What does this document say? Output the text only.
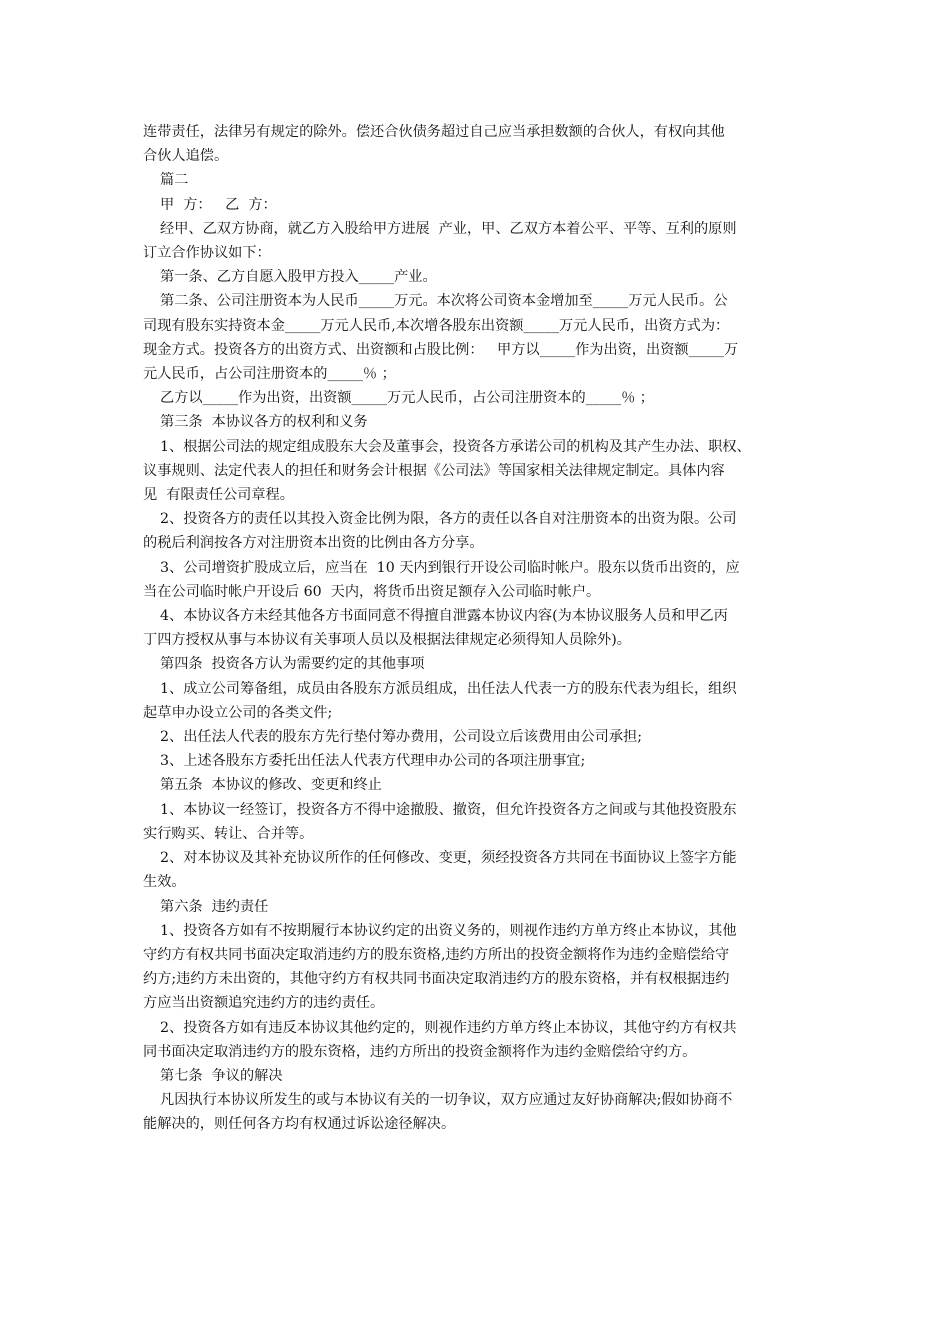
连带责任，法律另有规定的除外。偿还合伙债务超过自己应当承担数额的合伙人，有权向其他
合伙人追偿。
篇二
甲  方：   乙  方：
经甲、乙双方协商，就乙方入股给甲方进展  产业，甲、乙双方本着公平、平等、互利的原则
订立合作协议如下：
第一条、乙方自愿入股甲方投入_____产业。
第二条、公司注册资本为人民币_____万元。本次将公司资本金增加至_____万元人民币。公
司现有股东实持资本金_____万元人民币,本次增各股东出资额_____万元人民币，出资方式为：
现金方式。投资各方的出资方式、出资额和占股比例：   甲方以_____作为出资，出资额_____万
元人民币，占公司注册资本的_____％ ；
乙方以_____作为出资，出资额_____万元人民币，占公司注册资本的_____％ ；
第三条  本协议各方的权利和义务
1、根据公司法的规定组成股东大会及董事会，投资各方承诺公司的机构及其产生办法、职权、
议事规则、法定代表人的担任和财务会计根据《公司法》等国家相关法律规定制定。具体内容
见  有限责任公司章程。
2、投资各方的责任以其投入资金比例为限，各方的责任以各自对注册资本的出资为限。公司
的税后利润按各方对注册资本出资的比例由各方分享。
3、公司增资扩股成立后，应当在  10 天内到银行开设公司临时帐户。股东以货币出资的，应
当在公司临时帐户开设后 60  天内，将货币出资足额存入公司临时帐户。
4、本协议各方未经其他各方书面同意不得擅自泄露本协议内容(为本协议服务人员和甲乙丙
丁四方授权从事与本协议有关事项人员以及根据法律规定必须得知人员除外)。
第四条  投资各方认为需要约定的其他事项
1、成立公司筹备组，成员由各股东方派员组成，出任法人代表一方的股东代表为组长，组织
起草申办设立公司的各类文件;
2、出任法人代表的股东方先行垫付筹办费用，公司设立后该费用由公司承担;
3、上述各股东方委托出任法人代表方代理申办公司的各项注册事宜;
第五条  本协议的修改、变更和终止
1、本协议一经签订，投资各方不得中途撤股、撤资，但允许投资各方之间或与其他投资股东
实行购买、转让、合并等。
2、对本协议及其补充协议所作的任何修改、变更，须经投资各方共同在书面协议上签字方能
生效。
第六条  违约责任
1、投资各方如有不按期履行本协议约定的出资义务的，则视作违约方单方终止本协议，其他
守约方有权共同书面决定取消违约方的股东资格,违约方所出的投资金额将作为违约金赔偿给守
约方;违约方未出资的，其他守约方有权共同书面决定取消违约方的股东资格，并有权根据违约
方应当出资额追究违约方的违约责任。
2、投资各方如有违反本协议其他约定的，则视作违约方单方终止本协议，其他守约方有权共
同书面决定取消违约方的股东资格，违约方所出的投资金额将作为违约金赔偿给守约方。
第七条  争议的解决
凡因执行本协议所发生的或与本协议有关的一切争议，双方应通过友好协商解决;假如协商不
能解决的，则任何各方均有权通过诉讼途径解决。
